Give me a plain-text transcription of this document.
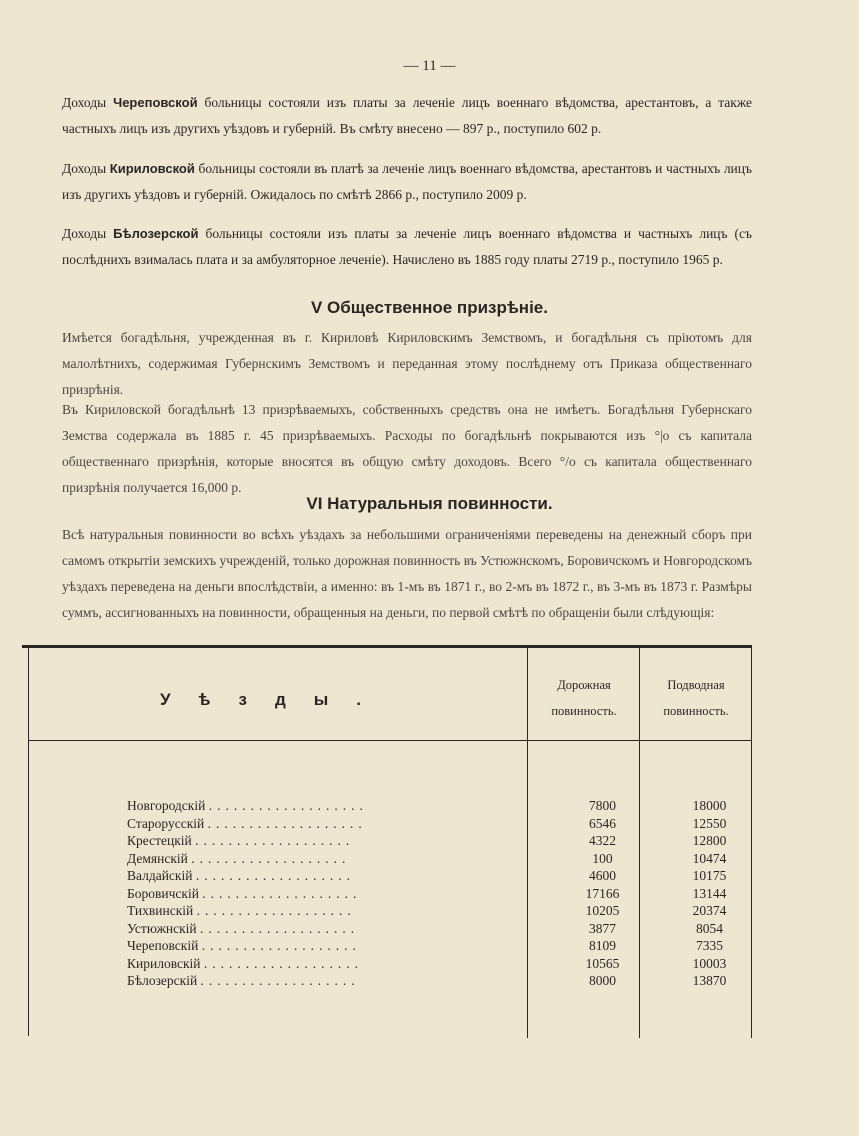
— 11 —
Доходы Череповской больницы состояли изъ платы за леченіе лицъ военнаго вѣдомства, арестантовъ, а также частныхъ лицъ изъ другихъ уѣздовъ и губерній. Въ смѣту внесено — 897 р., поступило 602 р.
Доходы Кириловской больницы состояли въ платѣ за леченіе лицъ военнаго вѣдомства, арестантовъ и частныхъ лицъ изъ другихъ уѣздовъ и губерній. Ожидалось по смѣтѣ 2866 р., поступило 2009 р.
Доходы Бѣлозерской больницы состояли изъ платы за леченіе лицъ военнаго вѣдомства и частныхъ лицъ (съ послѣднихъ взималась плата и за амбуляторное леченіе). Начислено въ 1885 году платы 2719 р., поступило 1965 р.
V Общественное призрѣніе.
Имѣется богадѣльня, учрежденная въ г. Кириловѣ Кириловскимъ Земствомъ, и богадѣльня съ пріютомъ для малолѣтнихъ, содержимая Губернскимъ Земствомъ и переданная этому послѣднему отъ Приказа общественнаго призрѣнія.
Въ Кириловской богадѣльнѣ 13 призрѣваемыхъ, собственныхъ средствъ она не имѣетъ. Богадѣльня Губернскаго Земства содержала въ 1885 г. 45 призрѣваемыхъ. Расходы по богадѣльнѣ покрываются изъ °|о съ капитала общественнаго призрѣнія, которые вносятся въ общую смѣту доходовъ. Всего °/о съ капитала общественнаго призрѣнія получается 16,000 р.
VI Натуральныя повинности.
Всѣ натуральныя повинности во всѣхъ уѣздахъ за небольшими ограниченіями переведены на денежный сборъ при самомъ открытіи земскихъ учрежденій, только дорожная повинность въ Устюжнскомъ, Боровичскомъ и Новгородскомъ уѣздахъ переведена на деньги впослѣдствіи, а именно: въ 1-мъ въ 1871 г., во 2-мъ въ 1872 г., въ 3-мъ въ 1873 г. Размѣры суммъ, ассигнованныхъ на повинности, обращенныя на деньги, по первой смѣтѣ по обращеніи были слѣдующія:
Уѣзды.
Дорожная повинность.
Подводная повинность.
Новгородскій ...................	7800	18000
Старорусскій ...................	6546	12550
Крестецкій ...................	4322	12800
Демянскій ...................	100	10474
Валдайскій ...................	4600	10175
Боровичскій ...................	17166	13144
Тихвинскій ...................	10205	20374
Устюжнскій ...................	3877	8054
Череповскій ...................	8109	7335
Кириловскій ...................	10565	10003
Бѣлозерскій ...................	8000	13870
